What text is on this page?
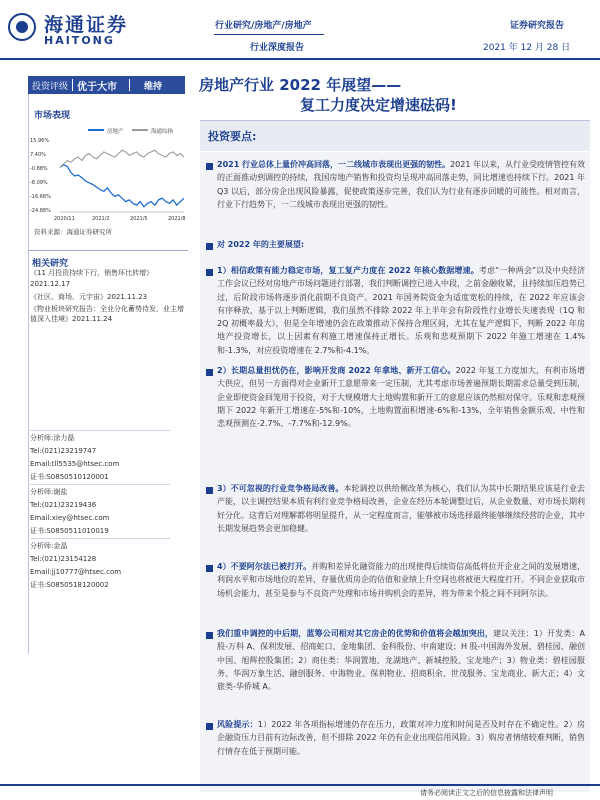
海通证券
HAITONG
行业研究/房地产/房地产
行业深度报告
证券研究报告
2021 年 12 月 28 日
投资评级 优于大市	维持 房地产行业 2022 年展望——
复工力度决定增速砝码!
市场表现
房地产	海通综指
15.96%
7.40%
-0.88%
-8.09%
-16.68%
-24.88%
2020/11	2021/2	2021/5	2021/8
资料来源：海通证券研究所
相关研究
《11 月投资持续下行，销售环比转增》
2021.12.17
《社区、商场、元宇宙》2021.11.23
《物业板块研究报告：全业分化蓄势待发，业主增值深入佳境》2021.11.24
分析师:涂力磊
Tel:(021)23219747
Email:tll5535@htsec.com
证书:S0850510120001
分析师:谢盐
Tel:(021)23219436
Email:xiey@htsec.com
证书:S0850511010019
分析师:金晶
Tel:(021)23154128
Email:jj10777@htsec.com
证书:S0850518120002
投资要点:
2021 行业总体上量价冲高回落，一二线城市表现出更强的韧性。2021 年以来，从行业受疫情管控有效的正面推动到调控的持续，我国房地产销售和投资均呈现冲高回落走势，同比增速也持续下行。2021 年 Q3 以后，部分房企出现风险暴露，促使政策逐步完善，我们认为行业有逐步回暖的可能性。相对而言，行业下行趋势下，一二线城市表现出更强的韧性。
对 2022 年的主要展望:
1）相信政策有能力稳定市场，复工复产力度在 2022 年核心数据增速。考虑“一种两会”以及中央经济工作会议已经对房地产市场问题进行部署，我们判断调控已进入中段，之前金融收紧，且持续加压趋势已过，后阶段市场将逐步消化前期不良资产。2021 年国务院资金为适度宽松的持续，在 2022 年应该会有序释放，基于以上判断逻辑，我们虽然不排除 2022 年上半年会有阶段性行业增长失速表现（1Q 和 2Q 初概率最大），但是全年增速仍会在政策推动下保持合理区间，尤其在复产逻辑下，判断 2022 年房地产投资增长，以上因素有利施工增速保持正增长。乐观和悲观预期下 2022 年施工增速在 1.4%和-1.3%，对应投资增速在 2.7%和-4.1%。
2）长期总量担忧仍在，影响开发商 2022 年拿地、新开工信心。2022 年复工力度加大，有利市场增大供应，但另一方面得对企业新开工意愿带来一定压制，尤其考虑市场普遍预期长期需求总量受到压制，企业即使资金回笼用于投资，对于大规模增大土地购置和新开工的意愿应该仍然相对保守。乐观和悲观预期下 2022 年新开工增速在-5%和-10%，土地购置面积增速-6%和-13%，全年销售金额乐观、中性和悲观预测在-2.7%、-7.7%和-12.9%。
3）不可忽视的行业竞争格局改善。本轮调控以供给侧改革为核心，我们认为其中长期结果应该是行业去产能，以主调控结果本质有利行业竞争格局改善，企业在经历本轮调整过后，从企业数量、对市场长期利好分化。这背后对理解都将明显提升，从一定程度而言，能够被市场选择最终能够继续经营的企业，其中长期发展趋势会更加稳健。
4）不要阿尔法已被打开。并购和差异化融资能力的出现使得后续资信高低将拉开企业之间的发展增速，利润水平和市场地位的差异，存量优质房企的估值和业绩上升空间也将被更大程度打开。不同企业获取市场机会能力，甚至是参与不良资产处理和市场并购机会的差异，将为带来个股之间不同阿尔法。
我们重申调控的中后期，蓝筹公司相对其它房企的优势和价值将会越加突出，建议关注：1）开发类：A 股-万科 A、保利发展、招商蛇口、金地集团、金科股份、中南建设；H 股-中国海外发展、碧桂园、融创中国、旭辉控股集团；2）商住类：华润置地、龙湖地产、新城控股、宝龙地产；3）物业类：碧桂园服务、华润万象生活、融创服务、中海物业、保利物业、招商积余、世茂服务、宝龙商业、新大正；4）文旅类-华侨城 A。
风险提示：1）2022 年各项指标增速仍存在压力，政策对冲力度和时间是否及时存在不确定性。2）房企融资压力目前有边际改善，但不排除 2022 年仍有企业出现信用风险。3）购房者情绪较难判断，销售行情存在低于预期可能。
请务必阅读正文之后的信息披露和法律声明
